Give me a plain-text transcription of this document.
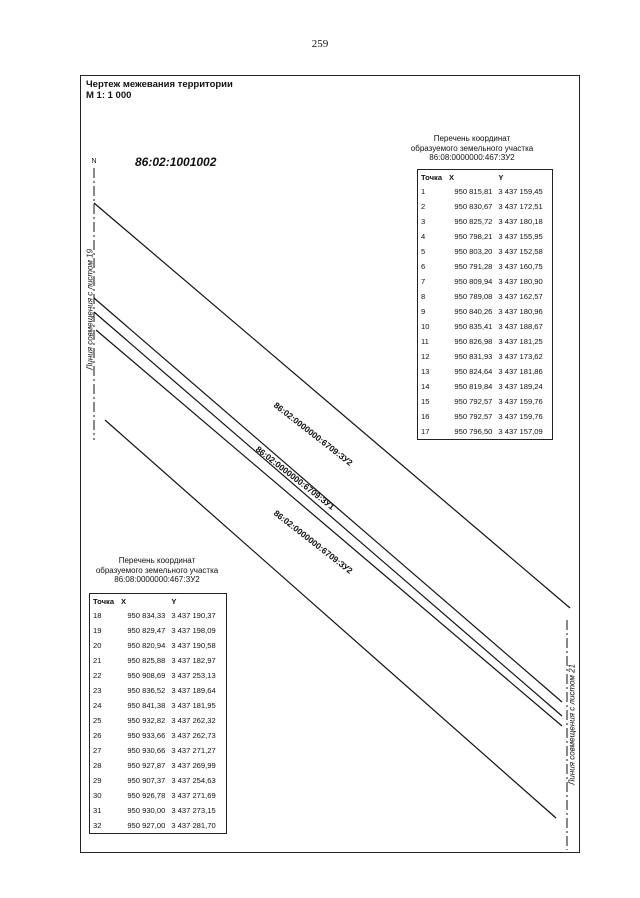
259
Чертеж межевания территории
М 1: 1 000
N	86:02:1001002
Перечень координат
образуемого земельного участка
86:08:0000000:467:ЗУ2
Точка	X	Y
1	950 815,81	3 437 159,45
2	950 830,67	3 437 172,51
3	950 825,72	3 437 180,18
4	950 798,21	3 437 155,95
5	950 803,20	3 437 152,58
6	950 791,28	3 437 160,75
7	950 809,94	3 437 180,90
8	950 789,08	3 437 162,57
9	950 840,26	3 437 180,96
10	950 835,41	3 437 188,67
11	950 826,98	3 437 181,25
12	950 831,93	3 437 173,62
13	950 824,64	3 437 181,86
14	950 819,84	3 437 189,24
15	950 792,57	3 437 159,76
16	950 792,57	3 437 159,76
17	950 796,50	3 437 157,09
Перечень координат
образуемого земельного участка
86:08:0000000:467:ЗУ2
Точка	X	Y
18	950 834,33	3 437 190,37
19	950 829,47	3 437 198,09
20	950 820,94	3 437 190,58
21	950 825,88	3 437 182,97
22	950 908,69	3 437 253,13
23	950 836,52	3 437 189,64
24	950 841,38	3 437 181,95
25	950 932,82	3 437 262,32
26	950 933,66	3 437 262,73
27	950 930,66	3 437 271,27
28	950 927,87	3 437 269,99
29	950 907,37	3 437 254,63
30	950 926,78	3 437 271,69
31	950 930,00	3 437 273,15
32	950 927,00	3 437 281,70
Линия совмещения с листом 19
Линия совмещения с листом 21
86:02:0000000:6709:ЗУ2
86:02:0000000:6709:ЗУ1
86:02:0000000:6709:ЗУ2
